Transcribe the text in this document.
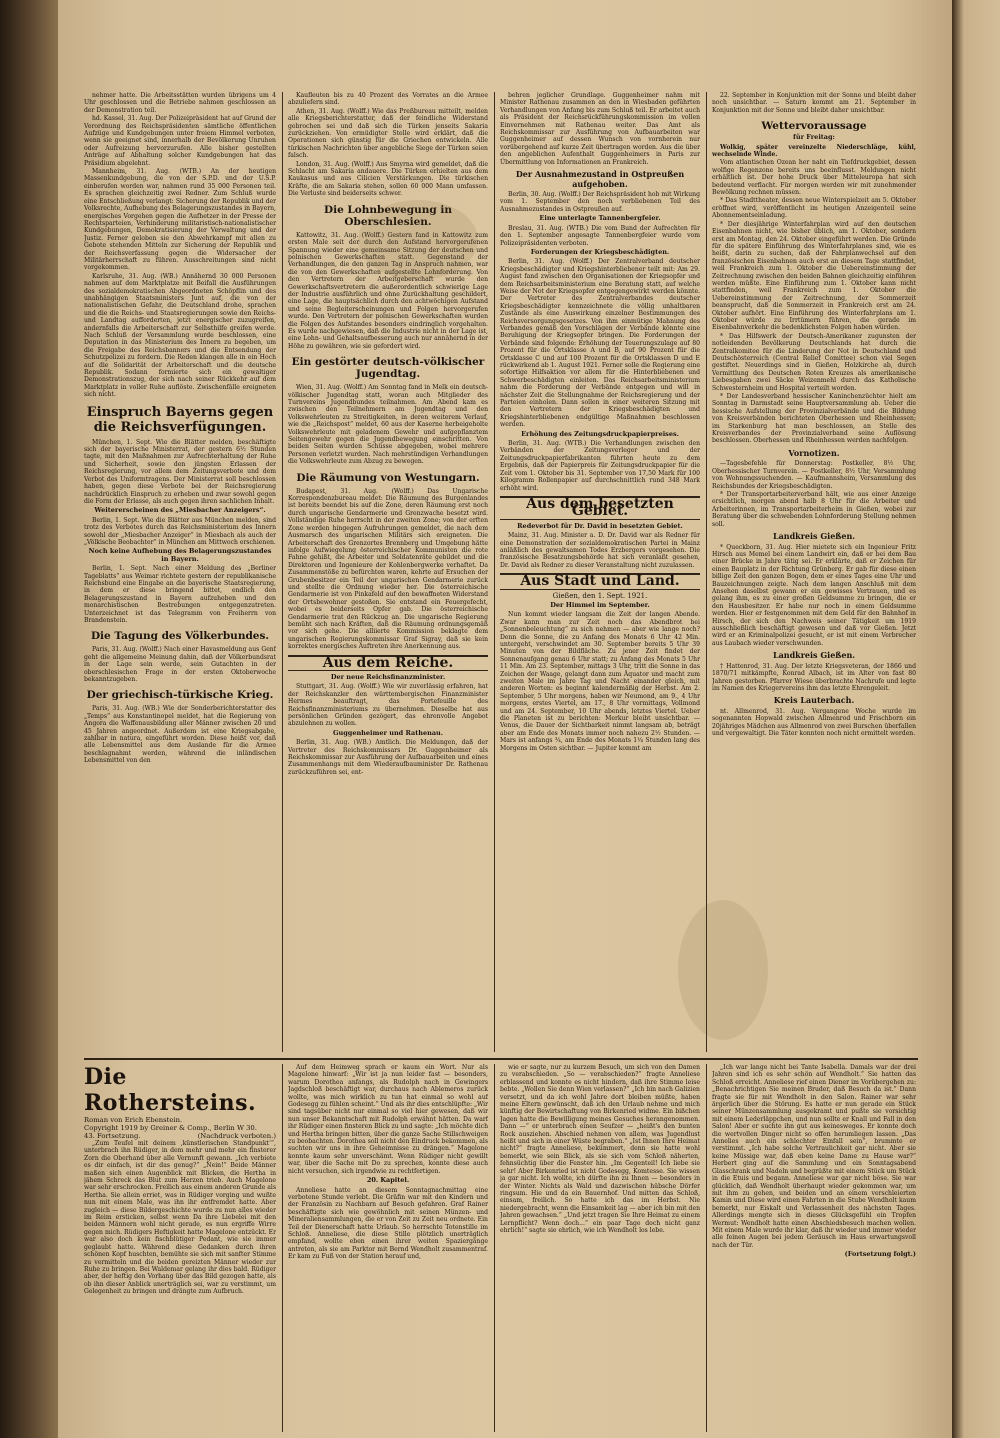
nehmer hatte. Die Arbeitsstätten wurden übrigens um 4 Uhr geschlossen und die Betriebe nahmen geschlossen an der Demonstration teil.

hd. Kassel, 31. Aug. Der Polizeipräsident hat auf Grund der Verordnung des Reichspräsidenten sämtliche öffentlichen Aufzüge und Kundgebungen unter freiem Himmel verboten, wenn sie geeignet sind, innerhalb der Bevölkerung Unruhen oder Aufreizung hervorzurufen. Alle bisher gestellten Anträge auf Abhaltung solcher Kundgebungen hat das Präsidium abgelehnt.

Mannheim, 31. Aug. (WTB.) An der heutigen Massenkundgebung, die von der S.P.D. und der U.S.P. einberufen worden war, nahmen rund 35 000 Personen teil. Es sprachen gleichzeitig zwei Redner. Zum Schluß wurde eine Entschließung verlangt: Sicherung der Republik und der Volksrechte, Aufhebung des Belagerungszustandes in Bayern, energisches Vorgehen gegen die Aufhetzer in der Presse der Rechtsparteien, Verhinderung militaristisch-nationalistischer Kundgebungen, Demokratisierung der Verwaltung und der Justiz. Ferner geloben sie den Abwehrkampf mit allen zu Gebote stehenden Mitteln zur Sicherung der Republik und der Reichsverfassung gegen die Widersacher der Militärherrschaft zu führen. Ausschreitungen sind nicht vorgekommen.

Karlsruhe, 31. Aug. (WB.) Annähernd 30 000 Personen nahmen auf dem Marktplatze mit Beifall die Ausführungen des sozialdemokratischen Abgeordneten Schöpflin und des unabhängigen Staatsministers Junt auf, die von der nationalistischen Gefahr, die Deutschland drohe, sprachen und die die Reichs- und Staatsregierungen sowie den Reichs- und Landtag aufforderten, jetzt energischer zuzugreifen, andernfalls die Arbeiterschaft zur Selbsthilfe greifen werde. Nach Schluß der Versammlung wurde beschlossen, eine Deputation in das Ministerium des Innern zu begeben, um die Freigabe des Reichsbanners und die Entsendung der Schutzpolizei zu fordern. Die Reden klangen alle in ein Hoch auf die Solidarität der Arbeiterschaft und die deutsche Republik. Sodann formierte sich ein gewaltiger Demonstrationszug, der sich nach seiner Rückkehr auf dem Marktplatz in voller Ruhe auflöste. Zwischenfälle ereigneten sich nicht.

Einspruch Bayerns gegen die Reichsverfügungen.

München, 1. Sept. Wie die Blätter melden, beschäftigte sich der bayerische Ministerrat, der gestern 6½ Stunden tagte, mit den Maßnahmen zur Aufrechterhaltung der Ruhe und Sicherheit, sowie den jüngsten Erlassen der Reichsregierung, vor allem dem Zeitungsverbote und dem Verbot des Uniformtragens. Der Ministerrat soll beschlossen haben, gegen diese Verbote bei der Reichsregierung nachdrücklich Einspruch zu erheben und zwar sowohl gegen die Form der Erlasse, als auch gegen ihren sachlichen Inhalt.

Weitererscheinen des „Miesbacher Anzeigers“.

Berlin, 1. Sept. Wie die Blätter aus München melden, sind trotz des Verbotes durch das Reichsministerium des Innern sowohl der „Miesbacher Anzeiger“ in Miesbach als auch der „Völkische Beobachter“ in München am Mittwoch erschienen.

Noch keine Aufhebung des Belagerungszustandes in Bayern.

Berlin, 1. Sept. Nach einer Meldung des „Berliner Tageblatts“ aus Weimar richtete gestern der republikanische Reichsbund eine Eingabe an die bayerische Staatsregierung, in dem er diese bringend bittet, endlich den Belagerungszustand in Bayern aufzuheben und den monarchistischen Bestrebungen entgegenzutreten. Unterzeichnet ist das Telegramm von Freiherrn von Brandenstein.

Die Tagung des Völkerbundes.

Paris, 31. Aug. (Wolff.) Nach einer Havasmeldung aus Genf geht die allgemeine Meinung dahin, daß der Völkerbundsrat in der Lage sein werde, sein Gutachten in der oberschlesischen Frage in der ersten Oktoberwoche bekanntzugeben.

Der griechisch-türkische Krieg.

Paris, 31. Aug. (WB.) Wie der Sonderberichterstatter des „Temps“ aus Konstantinopel meldet, hat die Regierung von Angora die Waffenausbildung aller Männer zwischen 20 und 45 Jahren angeordnet. Außerdem ist eine Kriegsabgabe, zahlbar in natura, eingeführt worden. Diese heißt vor, daß alle Lebensmittel aus dem Auslande für die Armee beschlagnahmt werden, während die inländischen Lebensmittel von den

Kaufleuten bis zu 40 Prozent des Vorrates an die Armee abzuliefern sind.

Athen, 31. Aug. (Wolff.) Wie das Preßbureau mitteilt, melden alle Kriegsberichterstatter, daß der feindliche Widerstand gebrochen sei und daß sich die Türken jenseits Sakaria zurückziehen. Von ermüdigter Stelle wird erklärt, daß die Operationen sich günstig für die Griechen entwickeln. Alle türkischen Nachrichten über angebliche Siege der Türken seien falsch.

London, 31. Aug. (Wolff.) Aus Smyrna wird gemeldet, daß die Schlacht am Sakaria andauere. Die Türken erhielten aus dem Kaukasus und aus Cilicien Verstärkungen. Die türkischen Kräfte, die am Sakaria stehen, sollen 60 000 Mann umfassen. Die Verluste sind beiderseits schwer.

Die Lohnbewegung in Oberschlesien.

Kattowitz, 31. Aug. (Wolff.) Gestern fand in Kattowitz zum ersten Male seit der durch den Aufstand hervorgerufenen Spannung wieder eine gemeinsame Sitzung der deutschen und polnischen Gewerkschaften statt. Gegenstand der Verhandlungen, die den ganzen Tag in Anspruch nahmen, war die von den Gewerkschaften aufgestellte Lohnforderung. Von den Vertretern der Arbeitgeberschaft wurde den Gewerkschaftsvertretern die außerordentlich schwierige Lage der Industrie ausführlich und ohne Zurückhaltung geschildert, eine Lage, die hauptsächlich durch den achtwöchigen Aufstand und seine Begleiterscheinungen und Folgen hervorgerufen wurde. Den Vertretern der polnischen Gewerkschaften wurden die Folgen des Aufstandes besonders eindringlich vorgehalten. Es wurde nachgewiesen, daß die Industrie nicht in der Lage ist, eine Lohn- und Gehaltsaufbesserung auch nur annähernd in der Höhe zu gewähren, wie sie gefordert wird.

Ein gestörter deutsch-völkischer Jugendtag.

Wien, 31. Aug. (Wolff.) Am Sonntag fand in Melk ein deutsch-völkischer Jugendtag statt, woran auch Mitglieder des Turnvereins Jugendbundes teilnahmen. Am Abend kam es zwischen den Teilnehmern am Jugendtag und den Volkswehrleuten zu Streitigkeiten, in deren weiterem Verlauf, wie die „Reichspost“ meldet, 60 aus der Kaserne herbeigeholte Volkswehrleute mit geladenem Gewehr und aufgepflanztem Seitengewehr gegen die Jugendbewegung einschritten. Von beiden Seiten wurden Schüsse abgegeben, wobei mehrere Personen verletzt wurden. Nach mehrstündigen Verhandlungen die Volkswehrleute zum Abzug zu bewegen.

Die Räumung von Westungarn.

Budapest, 31. Aug. (Wolff.) Das Ungarische Korrespondenzbureau meldet: Die Räumung des Burgenlandes ist bereits beendet bis auf die Zone, deren Räumung erst noch durch ungarische Gendarmerie und Grenzwache besetzt wird. Vollständige Ruhe herrscht in der zweiten Zone; von der erften Zone werden hingegen Aufruhrungen gemeldet, die nach dem Ausmarsch des ungarischen Militärs sich ereigneten. Die Arbeiterschaft des Grenzortes Brennberg und Umgebung hätte infolge Aufwiegelung österreichischer Kommunisten die rote Fahne gehißt, die Arbeiter und Soldatenräte gebildet und die Direktoren und Ingenieure der Kohlenbergwerke verhaftet. Da Zusammenstöße zu befürchten waren, kehrte auf Ersuchen der Grubenbesitzer ein Teil der ungarischen Gendarmerie zurück und stellte die Ordnung wieder her. Die österreichische Gendarmerie ist von Pinkafeld auf den bewaffneten Widerstand der Ortsbewohner gestoßen. Sie entstand ein Feuergefecht, wobei es beiderseits Opfer gab. Die österreichische Gendarmerie trat den Rückzug an. Die ungarische Regierung bemüht sich nach Kräften, daß die Räumung ordnungsgemäß vor sich gehe. Die alliierte Kommission beklagte dem ungarischen Regierungskommissar Graf Sigray, daß sie kein korrektes energisches Auftreten ihre Anerkennung aus.

Aus dem Reiche.
Der neue Reichsfinanzminister.

Stuttgart, 31. Aug. (Wolff.) Wie wir zuverlässig erfahren, hat der Reichskanzler den württembergischen Finanzminister Hermes beauftragt, das Portefeuille des Reichsfinanzministeriums zu übernehmen. Dieselbe hat aus persönlichen Gründen gezögert, das ehrenvolle Angebot abzulehnen zu wollen.

Guggenheimer und Rathenau.

Berlin, 31. Aug. (WB.) Amtlich. Die Meldungen, daß der Vertreter des Reichskommissars Dr. Guggenheimer als Reichskommissar zur Ausführung der Aufbauarbeiten und eines Zusammenhangs mit dem Wiederaufbauminister Dr. Rathenau zurückzuführen sei, ent-

behren jeglicher Grundlage. Guggenheimer nahm mit Minister Rathenau zusammen an den in Wiesbaden geführten Verhandlungen von Anfang bis zum Schluß teil. Er arbeitet auch als Präsident der Reichsrückführungskommission im vollen Einvernehmen mit Rathenau weiter. Das Amt als Reichskommissar zur Ausführung von Aufbauarbeiten war Guggenheimer auf dessen Wunsch von vornherein nur vorübergehend auf kurze Zeit übertragen worden. Aus die über den angeblichen Aufenthalt Guggenheimers in Paris zur Übermittlung von Informationen an Frankreich.

Der Ausnahmezustand in Ostpreußen aufgehoben.

Berlin, 30. Aug. (Wolff.) Der Reichspräsident hob mit Wirkung vom 1. September den noch verbliebenen Teil des Ausnahmezustandes in Ostpreußen auf.

Eine unterlagte Tannenbergfeier.

Breslau, 31. Aug. (WTB.) Die vom Bund der Aufrechten für den 1. September angesagte Tannenbergfeier wurde vom Polizeipräsidenten verboten.

Forderungen der Kriegsbeschädigten.

Berlin, 31. Aug. (Wolff.) Der Zentralverband deutscher Kriegsbeschädigter und Kriegshinterbliebener teilt mit: Am 29. August fand zwischen den Organisationen der Kriegsopfer und dem Reichsarbeitsministerium eine Beratung statt, auf welche Weise der Not der Kriegsopfer entgegengewirkt werden könnte. Der Vertreter des Zentralverbandes deutscher Kriegsbeschädigter kennzeichnete die völlig unhaltbaren Zustände als eine Auswirkung einzelner Bestimmungen des Reichsversorgungsgesetzes. Von ihm einmütige Mahnung des Verbandes gemäß den Vorschlägen der Verbände könnte eine Beruhigung der Kriegsopfer bringen. Die Forderungen der Verbände sind folgende: Erhöhung der Teuerungszulage auf 80 Prozent für die Ortsklasse A und B, auf 90 Prozent für die Ortsklasse C und auf 100 Prozent für die Ortsklassen D und E rückwirkend ab 1. August 1921. Ferner solle die Regierung eine sofortige Hilfsaktion vor allem für die Hinterbliebenen und Schwerbeschädigten einleiten. Das Reichsarbeitsministerium nahm die Forderung der Verbände entgegen und will in nächster Zeit die Stellungnahme der Reichsregierung und der Parteien einholen. Dann sollen in einer weiteren Sitzung mit den Vertretern der Kriegsbeschädigten und Kriegshinterbliebenen endgültige Maßnahmen beschlossen werden.

Erhöhung des Zeitungsdruckpapierpreises.

Berlin, 31. Aug. (WTB.) Die Verhandlungen zwischen den Verbänden der Zeitungsverleger und der Zeitungsdruckpapierfabrikanten führten heute zu dem Ergebnis, daß der Papierpreis für Zeitungsdruckpapier für die Zeit vom 1. Oktober bis 31. September von 17,50 Mark für 100 Kilogramm Rollenpapier auf durchschnittlich rund 348 Mark erhöht wird.

Aus dem besetzten Gebiet.
Redeverbot für Dr. David in besetzten Gebiet.

Mainz, 31. Aug. Minister a. D. Dr. David war als Redner für eine Demonstration der sozialdemokratischen Partei in Mainz anläßlich des gewaltsamen Todes Erzbergers vorgesehen. Die französische Besatzungsbehörde hat sich veranlaßt gesehen, Dr. David als Redner zu dieser Veranstaltung nicht zuzulassen.

Aus Stadt und Land.
Gießen, den 1. Sept. 1921.
Der Himmel im September.

Nun kommt wieder langsam die Zeit der langen Abende. Zwar kann man zur Zeit noch das Abendbrot bei „Sonnenbeleuchtung“ zu sich nehmen — aber wie lange noch? Denn die Sonne, die zu Anfang des Monats 6 Uhr 42 Min. untergeht, verschwindet am 30. September bereits 5 Uhr 39 Minuten von der Bildfläche. Zu jener Zeit findet der Sonnenaufgang genau 6 Uhr statt; zu Anfang des Monats 5 Uhr 11 Min. Am 23. September, mittags 3 Uhr, tritt die Sonne in das Zeichen der Waage, gelangt dann zum Äquator und macht zum zweiten Male im Jahre Tag und Nacht einander gleich, mit anderen Worten: es beginnt kalendermäßig der Herbst. Am 2. September, 5 Uhr morgens, haben wir Neumond, am 9., 4 Uhr morgens, erstes Viertel, am 17., 8 Uhr vormittags, Vollmond und am 24. September, 10 Uhr abends, letztes Viertel. Ueber die Planeten ist zu berichten: Merkur bleibt unsichtbar. — Venus, die Dauer der Sichtbarkeit nimmt langsam ab, beträgt aber am Ende des Monats immer noch nahezu 2½ Stunden. — Mars ist anfangs ¾, am Ende des Monats 1¼ Stunden lang des Morgens im Osten sichtbar. — Jupiter kommt am

22. September in Konjunktion mit der Sonne und bleibt daher noch unsichtbar. — Saturn kommt am 21. September in Konjunktion mit der Sonne und bleibt daher unsichtbar.

Wettervoraussage
für Freitag:

Wolkig, später vereinzelte Niederschläge, kühl, wechselnde Winde.

Vom atlantischen Ozean her naht ein Tiefdruckgebiet, dessen wolfige Regenzone bereits uns beeinflusst. Meldungen nicht erhältlich ist. Der hohe Druck über Mitteleuropa hat sich bedeutend verflacht. Für morgen werden wir mit zunehmender Bewölkung rechnen müssen.

* Das Stadttheater, dessen neue Winterspielzeit am 5. Oktober eröffnet wird, veröffentlicht im heutigen Anzeigenteil seine Abonnementseinladung.

* Der diesjährige Winterfahrplan wird auf den deutschen Eisenbahnen nicht, wie bisher üblich, am 1. Oktober, sondern erst am Montag, den 24. Oktober eingeführt werden. Die Gründe für die spätere Einführung des Winterfahrplanes sind, wie es heißt, darin zu suchen, daß der Fahrplanwechsel auf den französischen Eisenbahnen auch erst an diesem Tage stattfindet, weil Frankreich zum 1. Oktober die Uebereinstimmung der Zeitrechnung zwischen den beiden Bahnen gleichzeitig einführen werden müßte. Eine Einführung zum 1. Oktober kann nicht stattfinden, weil Frankreich zum 1. Oktober die Uebereinstimmung der Zeitrechnung, der Sommerzeit beansprucht, daß die Sommerzeit in Frankreich erst am 24. Oktober aufhört. Eine Einführung des Winterfahrplans am 1. Oktober würde zu Irrtümern führen, die gerade im Eisenbahnverkehr die bedenklichsten Folgen haben würden.

* Das Hilfswerk der Deutsch-Amerikaner zugunsten der notleidenden Bevölkerung Deutschlands hat durch die Zentralkomitee für die Linderung der Not in Deutschland und Deutschösterreich (Central Relief Comittee) schon viel Segen gestiftet. Neuerdings sind in Gießen, Holzkirche ab, durch Vermittlung des Deutschen Roten Kreuzes als amerikanische Liebesgaben zwei Säcke Weizenmehl durch das Katholische Schwesternheim und Hospital verteilt worden.

* Der Landesverband hessischer Kaninchenzüchter hielt am Sonntag in Darmstadt seine Hauptversammlung ab. Ueber die hessische Aufstellung der Provinzialverbände und die Bildung von Kreisverbänden berichteten Oberhessen und Rheinhessen; im Starkenburg hat man beschlossen, an Stelle des Kreisverbandes der Provinzialverband seine Auflösung beschlossen. Oberhessen und Rheinhessen werden nachfolgen.

Vornotizen.

—Tagesbefehle für Donnerstag: Postkeller, 8½ Uhr, Oberhessischer Turnverein. — Postkeller, 8½ Uhr, Versammlung von Wohnungssuchenden. — Kaufmannsheim, Versammlung des Reichsbundes der Kriegsbeschädigten.

* Der Transportarbeiterverband hält, wie aus einer Anzeige ersichtlich, morgen abend halb 8 Uhr für die Arbeiter und Arbeiterinnen, im Transportarbeiterheim in Gießen, wobei zur Beratung über die schwebenden Lohnforderung Stellung nehmen soll.

Landkreis Gießen.

* Queckborn, 31. Aug. Hier mietete sich ein Ingenieur Fritz Hirsch aus Memel bei einem Landwirt ein, daß er bei dem Bau einer Brücke in Jahre tätig sei. Er erklärte, daß er Zeichen für einen Bauplatz in der Richtung Grünberg. Er gab für diese einen billige Zeit den ganzen Bogen, dem er eines Tages eine Uhr und Bauzeichnungen zeigte. Nach dem langen Anschluß mit dem Ansehen daselbst gewann er ein gewisses Vertrauen, und es gelang ihm, es zu einer großen Geldsumme zu bringen, die er den Hausbesitzer. Er habe nur noch in einem Geldsumme werden. Hier er festgenommen mit dem Geld für den Bahnhof in Hirsch, der sich den Nachweis seiner Tätigkeit um 1919 ausschließlich beschäftigt gewesen und daß vor Gießen. Jetzt wird er an Kriminalpolizei gesucht, er ist mit einem Verbrecher aus Laubach wieder verschwunden.

Landkreis Gießen.

† Hattenrod, 31. Aug. Der letzte Kriegsveteran, der 1866 und 1870/71 mitkämpfte, Konrad Albach, ist im Alter von fast 80 Jahren gestorben. Pfarrer Wiese überbrachte Nachrufe und legte im Namen des Kriegervereins ihm das letzte Ehrengeleit.

Kreis Lauterbach.

nt. Allmenrod, 31. Aug. Vergangene Woche wurde im sogenannten Hopwald zwischen Allmenrod und Frischborn ein 20jähriges Mädchen aus Allmenrod von zwei Burschen überfallen und vergewaltigt. Die Täter konnten noch nicht ermittelt werden.

Die Rothersteins.
Roman von Erich Ebenstein.
Copyright 1919 by Greiner & Comp., Berlin W 30.
43. Fortsetzung.	(Nachdruck verboten.)

„Zum Teufel mit deinem ‚künstlerischen Standpunkt‘“, unterbrach ihn Rüdiger, in dem mehr und mehr ein finsterer Zorn die Oberhand über alle Vernunft gewann. „Ich verbiete es dir einfach, ist dir das genug?“ „Nein!“ Beide Männer maßen sich einen Augenblick mit Blicken, die Hertha in jähem Schreck das Blut zum Herzen trieb. Auch Magelone war sehr erschrocken. Freilich aus einem anderen Grunde als Hertha. Sie allein erriet, was in Rüdiger vorging und wußte nun mit einem Male, was ihn ihr entfremdet hatte. Aber zugleich — diese Bildergeschichte wurde zu nun alles wieder im Reim ersticken, selbst wenn Da ihre Liebelei mit den beiden Männern wohl nicht gerade, es nun ergriffe Wirre gegen mich. Rüdigers Heftigkeit hatte Magelone entzückt. Er war also doch kein fischblütiger Pedant, wie sie immer geglaubt hatte. Während diese Gedanken durch ihren schönen Kopf huschten, bemühte sie sich mit sanfter Stimme zu vermitteln und die beiden gereizten Männer wieder zur Ruhe zu bringen. Bei Waldemar gelang ihr dies bald. Rüdiger aber, der heftig den Vorhang über das Bild gezogen hatte, als ob ihn dieser Anblick unerträglich sei, war zu verstimmt, um Gelegenheit zu bringen und drängte zum Aufbruch.

Auf dem Heimweg sprach er kaum ein Wort. Nur als Magelone hinwarf: „Wir ist ja nun leider fast — besonders, warum Dorothea anfangs, als Rudolph nach in Gewingers Jagdschloß beschäftigt war, durchaus nach Ablemeros zurück wollte, was mich wirklich zu tun hat einmal so wohl auf Godesegg zu fühlen scheint.“ Und als ihr dies entschlüpfte: „Wir sind tagsüber nicht nur einmal so viel hier gewesen, daß wir nun unser Bekanntschaft mit Rudolph erwähnt hätten. Da warf ihr Rüdiger einen finsteren Blick zu und sagte: „Ich möchte dich und Hertha bringen bitten, über die ganze Sache Stillschweigen zu beobachten. Dorothea soll nicht den Eindruck bekommen, als suchten wir uns in ihre Geheimnisse zu drängen.“ Magelone konnte kaum sehr unverschämt. Wenn Rüdiger nicht gewillt war, über die Sache mit Do zu sprechen, konnte diese auch nicht versuchen, sich irgendwie zu rechtfertigen.

20. Kapitel.

Anneliese hatte an diesem Sonntagnachmittag eine verbotene Stunde verlebt. Die Gräfin war mit den Kindern und der Französin zu Nachbarn auf Besuch gefahren. Graf Rainer beschäftigte sich wie gewöhnlich mit seinen Münzen- und Mineraliensammlungen, die er von Zeit zu Zeit neu ordnete. Ein Teil der Dienerschaft hatte Urlaub. So herrschte Totenstille im Schloß. Anneliese, die diese Stille plötzlich unerträglich empfand, wollte eben einen ihrer weiten Spaziergänge antreten, als sie am Parktor mit Bernd Wendholt zusammentraf. Er kam zu Fuß von der Station herauf und,

wie er sagte, nur zu kurzem Besuch, um sich von den Damen zu verabschieden. „So — verabschieden?“ fragte Anneliese erblassend und konnte es nicht hindern, daß ihre Stimme leise bebte. „Wollen Sie denn Wien verlassen?“ „Ich bin nach Galizien versetzt, und da ich wohl Jahre dort bleiben müßte, haben meine Eltern gewünscht, daß ich den Urlaub nehme und mich künftig der Bewirtschaftung von Birkenried widme. Ein bißchen Jagen hatte die Bewilligung meines Gesuches herangenommen. Dann —“ er unterbrach einen Seufzer — „heißt's den bunten Rock ausziehen. Abschied nehmen von allem, was Jugendlust heißt und sich in einer Wüste begraben.“ „Ist Ihnen Ihre Heimat nicht?“ fragte Anneliese, bekümmert, denn sie hatte wohl bemerkt, wie sein Blick, als sie sich vom Schloß näherten, fehnsüchtig über die Fenster hin. „Im Gegenteil! Ich liebe sie sehr! Aber Birkenried ist nicht Godesegg, Komtesse. Sie wissen ja gar nicht. Ich wollte, ich dürfte ihn zu Ihnen — besonders in der Winter. Nichts als Wald und dazwischen hübsche Dörfer ringsum. Hie und da ein Bauernhof. Und mitten das Schloß, einsam, freilich. So hatte ich das im Herbst. Nie niedergebracht, wenn die Einsamkeit lag — aber ich bin mit den Jahren gewachsen.“ „Und jetzt tragen Sie Ihre Heimat zu einem Lernpflicht? Wenn doch...“ ein paar Tage doch nicht ganz ehrlich!“ sagte sie ehrlich, wie ich Wendholt los lebe.

„Ich war lange nicht bei Tante Isabella. Damals war der drei Jahren sind ich es sehr schön auf Wendholt.“ Sie hatten das Schloß erreicht. Anneliese rief einen Diener im Vorübergehen zu: „Benachrichtigen Sie meinen Bruder, daß Besuch da ist.“ Dann fragte sie für mit Wendholt in den Salon. Rainer war sehr ärgerlich über die Störung. Es hatte er nun gerade ein Stück seiner Münzensammlung ausgekramt und pußte sie vorsichtig mit einem Lederläppchen, und nun sollte er Knall und Fall in den Salon! Aber er suchte ihn gut aus keinesweges. Er konnte doch die wertvollen Dinger nicht so offen herumliegen lassen. „Das Annelies auch ein schlechter Einfall sein“, brummte er verstimmt. „Ich habe solche Vertraulichkeit gar nicht. Aber sie keine Müssige war, daß eben keine Dame zu Hause war?“ Herbert ging auf die Sammlung und ein Sonntagsabend Glasschrank und Nadeln und begrüßte mit einem Stück um Stück in die Etuis und begann. Anneliese war gar nicht böse. Sie war glücklich, daß Wendholt überhaupt wieder gekommen war, um mit ihm zu gehen, und beiden und an einem verschleierten Kamin und Diese wird einen Fahrten in die Stube Wendholt kaum bemerkt, nur Eiskalt und Verlassenheit des nächsten Tages. Allerdings mengte sich in dieses Glücksgefühl ein Tropfen Wermut: Wendholt hatte einen Abschiedsbesuch machen wollen. Mit einem Male wurde ihr klar, daß ihr wieder und immer wieder alle feinen Augen bei jedem Geräusch im Haus erwartungsvoll nach der Tür.

(Fortsetzung folgt.)
